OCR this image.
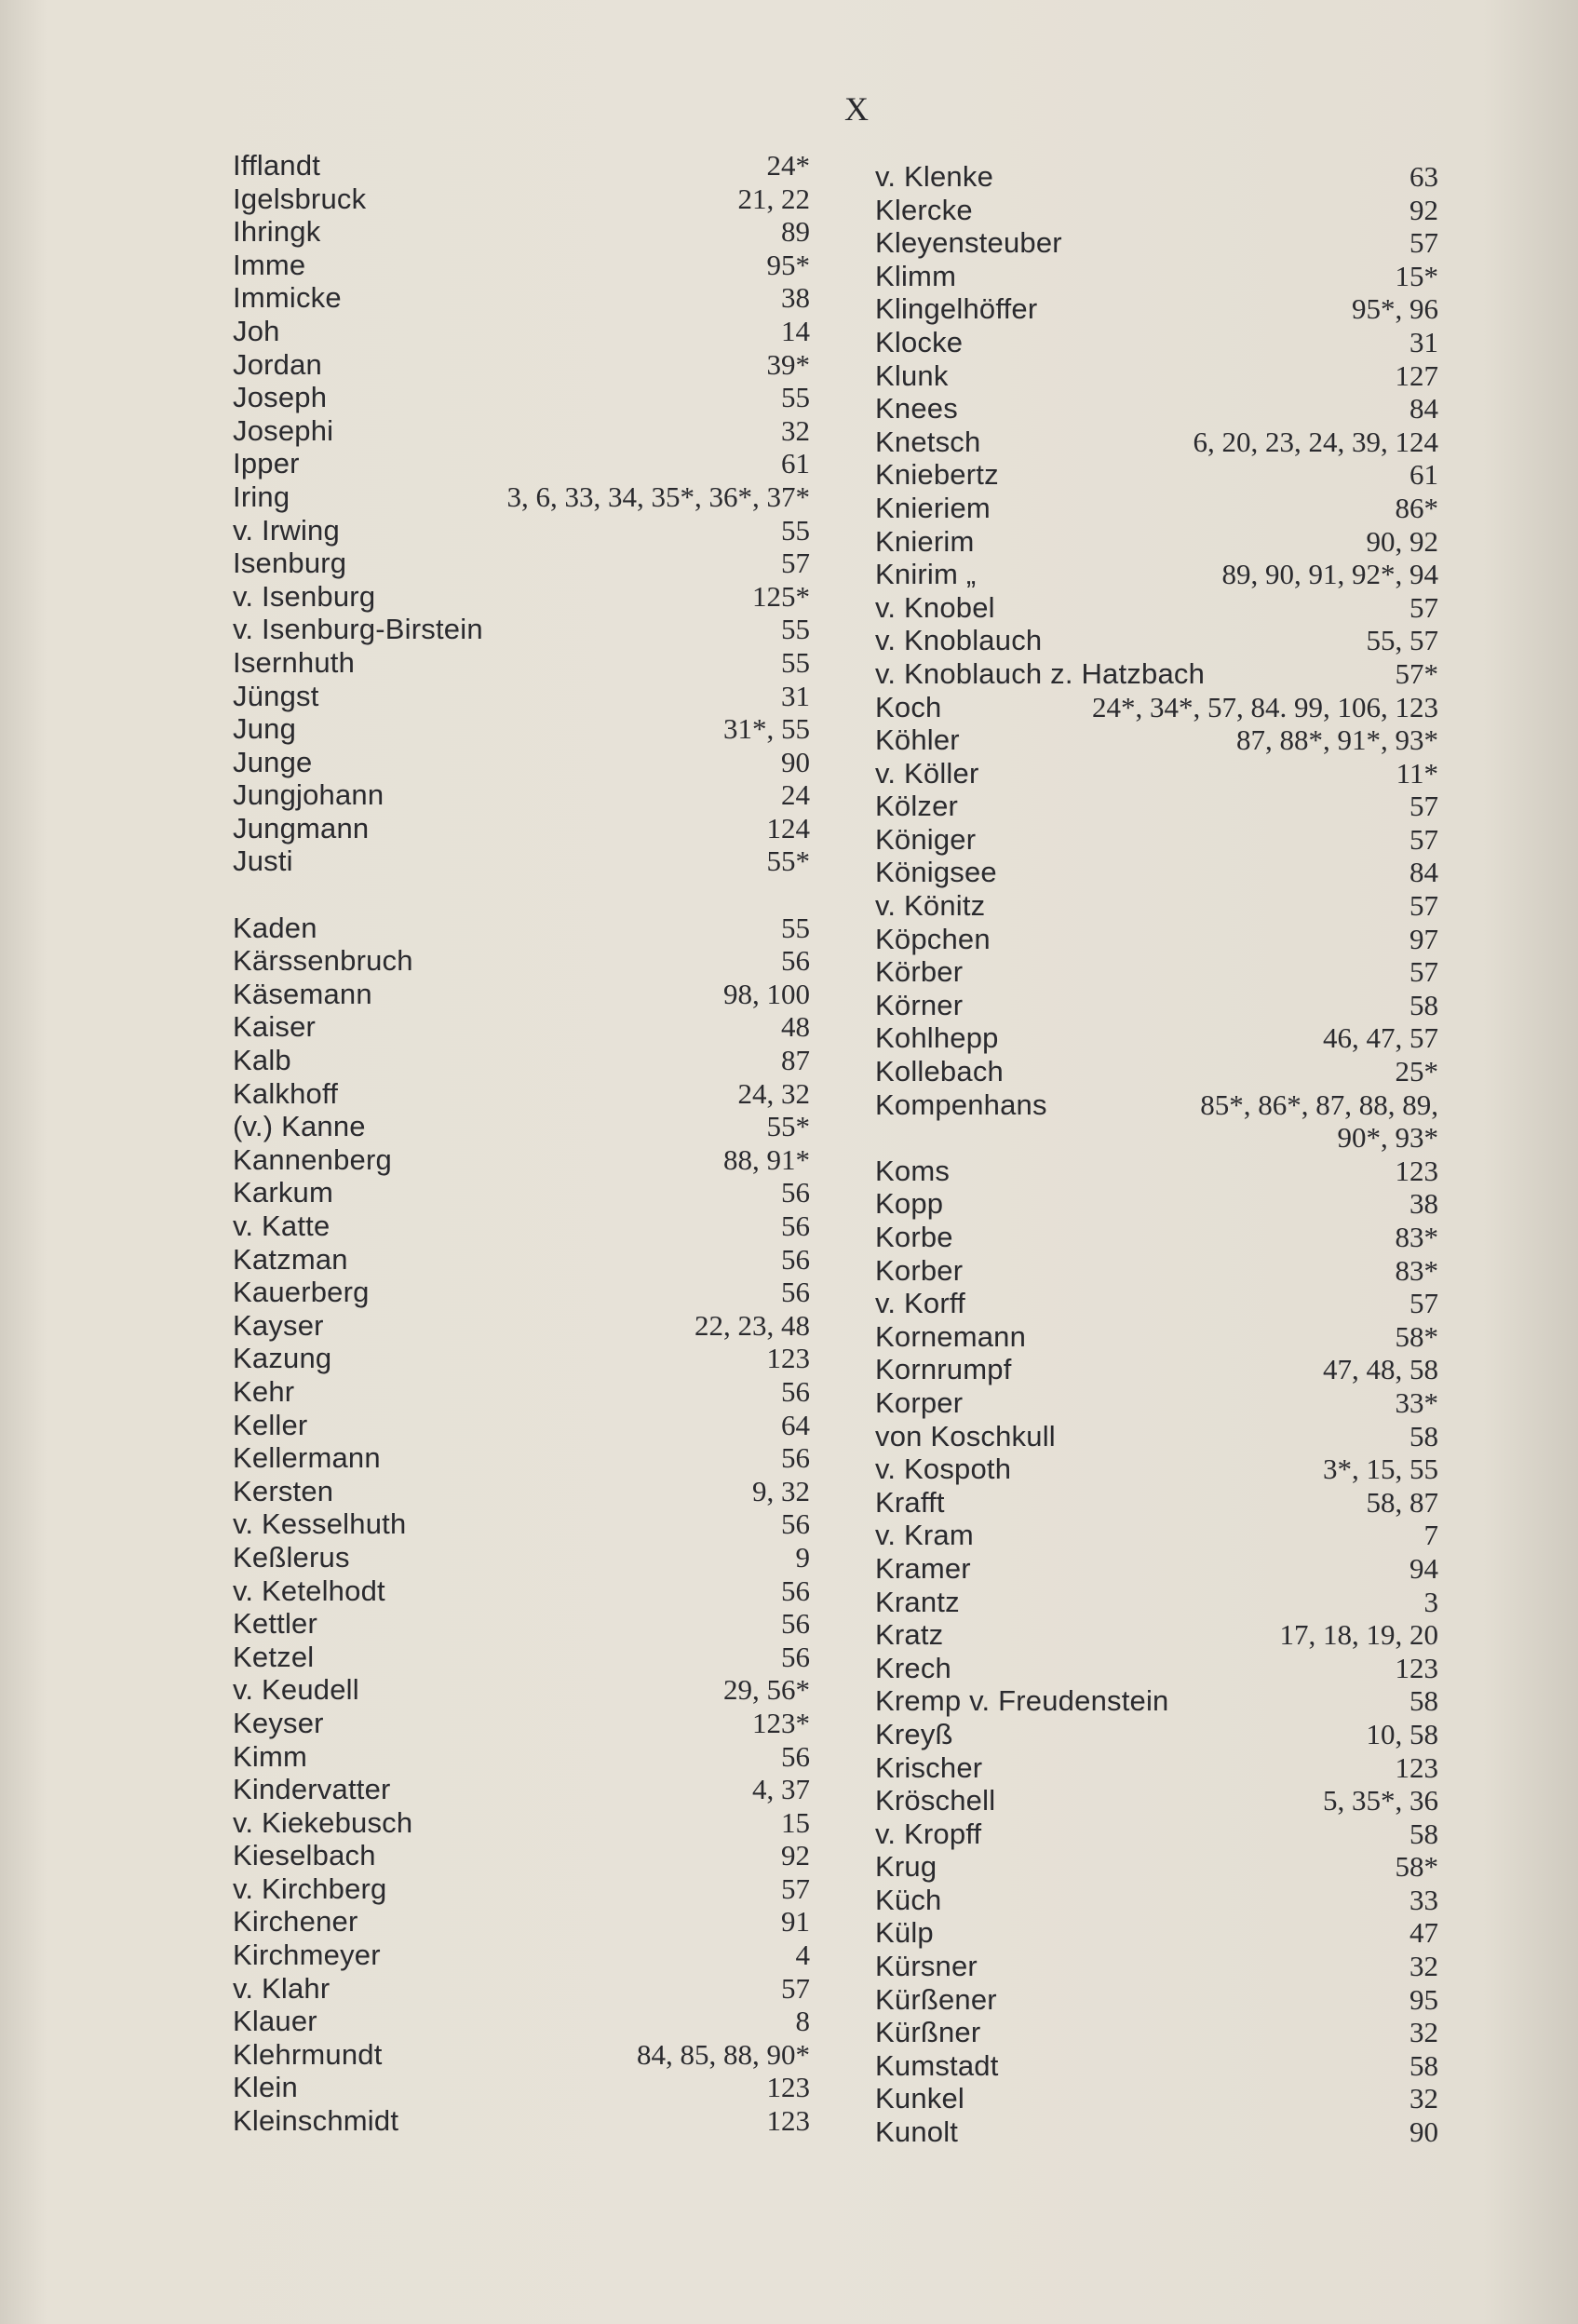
X
Ifflandt	24*
Igelsbruck	21, 22
Ihringk	89
Imme	95*
Immicke	38
Joh	14
Jordan	39*
Joseph	55
Josephi	32
Ipper	61
Iring	3, 6, 33, 34, 35*, 36*, 37*
v. Irwing	55
Isenburg	57
v. Isenburg	125*
v. Isenburg-Birstein	55
Isernhuth	55
Jüngst	31
Jung	31*, 55
Junge	90
Jungjohann	24
Jungmann	124
Justi	55*
Kaden	55
Kärssenbruch	56
Käsemann	98, 100
Kaiser	48
Kalb	87
Kalkhoff	24, 32
(v.) Kanne	55*
Kannenberg	88, 91*
Karkum	56
v. Katte	56
Katzman	56
Kauerberg	56
Kayser	22, 23, 48
Kazung	123
Kehr	56
Keller	64
Kellermann	56
Kersten	9, 32
v. Kesselhuth	56
Keßlerus	9
v. Ketelhodt	56
Kettler	56
Ketzel	56
v. Keudell	29, 56*
Keyser	123*
Kimm	56
Kindervatter	4, 37
v. Kiekebusch	15
Kieselbach	92
v. Kirchberg	57
Kirchener	91
Kirchmeyer	4
v. Klahr	57
Klauer	8
Klehrmundt	84, 85, 88, 90*
Klein	123
Kleinschmidt	123
v. Klenke	63
Klercke	92
Kleyensteuber	57
Klimm	15*
Klingelhöffer	95*, 96
Klocke	31
Klunk	127
Knees	84
Knetsch	6, 20, 23, 24, 39, 124
Kniebertz	61
Knieriem	86*
Knierim	90, 92
Knirim „	89, 90, 91, 92*, 94
v. Knobel	57
v. Knoblauch	55, 57
v. Knoblauch z. Hatzbach	57*
Koch	24*, 34*, 57, 84. 99, 106, 123
Köhler	87, 88*, 91*, 93*
v. Köller	11*
Kölzer	57
Königer	57
Königsee	84
v. Könitz	57
Köpchen	97
Körber	57
Körner	58
Kohlhepp	46, 47, 57
Kollebach	25*
Kompenhans	85*, 86*, 87, 88, 89,
90*, 93*
Koms	123
Kopp	38
Korbe	83*
Korber	83*
v. Korff	57
Kornemann	58*
Kornrumpf	47, 48, 58
Korper	33*
von Koschkull	58
v. Kospoth	3*, 15, 55
Krafft	58, 87
v. Kram	7
Kramer	94
Krantz	3
Kratz	17, 18, 19, 20
Krech	123
Kremp v. Freudenstein	58
Kreyß	10, 58
Krischer	123
Kröschell	5, 35*, 36
v. Kropff	58
Krug	58*
Küch	33
Külp	47
Kürsner	32
Kürßener	95
Kürßner	32
Kumstadt	58
Kunkel	32
Kunolt	90
